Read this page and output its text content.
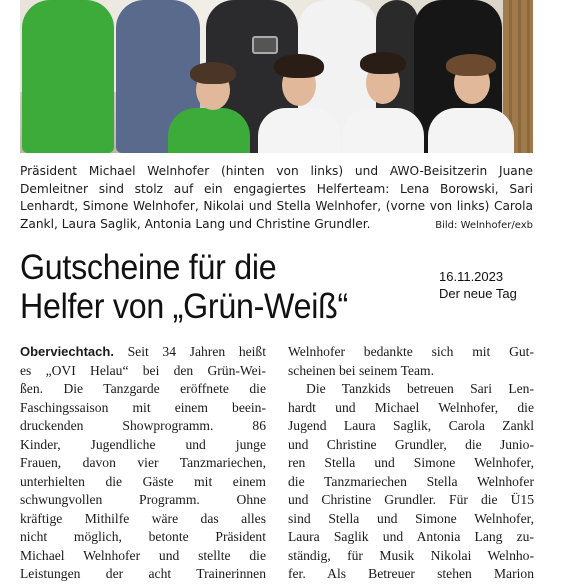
Präsident Michael Welnhofer (hinten von links) und AWO-Beisitzerin Juane Demleitner sind stolz auf ein engagiertes Helferteam: Lena Borowski, Sari Lenhardt, Simone Welnhofer, Nikolai und Stella Welnhofer, (vorne von links) Carola Zankl, Laura Saglik, Antonia Lang und Christine Grundler.	Bild: Welnhofer/exb
Gutscheine für die
Helfer von „Grün-Weiß“
16.11.2023
Der neue Tag
Oberviechtach. Seit 34 Jahren heißt
es „OVI Helau“ bei den Grün-Wei-
ßen. Die Tanzgarde eröffnete die
Faschingssaison mit einem beein-
druckenden Showprogramm. 86
Kinder, Jugendliche und junge
Frauen, davon vier Tanzmariechen,
unterhielten die Gäste mit einem
schwungvollen Programm. Ohne
kräftige Mithilfe wäre das alles
nicht möglich, betonte Präsident
Michael Welnhofer und stellte die
Leistungen der acht Trainerinnen
Welnhofer bedankte sich mit Gut-
scheinen bei seinem Team.
Die Tanzkids betreuen Sari Len-
hardt und Michael Welnhofer, die
Jugend Laura Saglik, Carola Zankl
und Christine Grundler, die Junio-
ren Stella und Simone Welnhofer,
die Tanzmariechen Stella Welnhofer
und Christine Grundler. Für die Ü15
sind Stella und Simone Welnhofer,
Laura Saglik und Antonia Lang zu-
ständig, für Musik Nikolai Welnho-
fer. Als Betreuer stehen Marion
